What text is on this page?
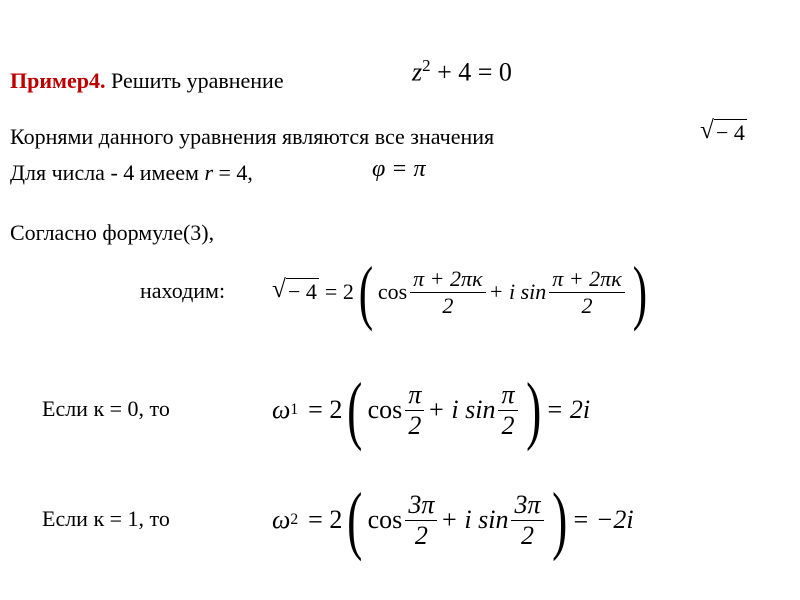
Пример4. Решить уравнение	$z^2 + 4 = 0$
Корнями данного уравнения являются все значения	√ − 4
Для числа - 4 имеем r = 4,	φ = π
Согласно формуле(3),
находим: √ − 4 = 2 ( $\cos \frac{\pi + 2\pi\kappa}{2} + i$ $\sin \frac{\pi + 2\pi\kappa}{2}$ )
Если к = 0, то	ω 1 = 2 ( $\cos \frac{\pi}{2} + i$ $\sin \frac{\pi}{2}$ ) = 2i
Если к = 1, то	ω 2 = 2 ( $\cos \frac{3\pi}{2} + i$ $\sin \frac{3\pi}{2}$ ) = −2i
